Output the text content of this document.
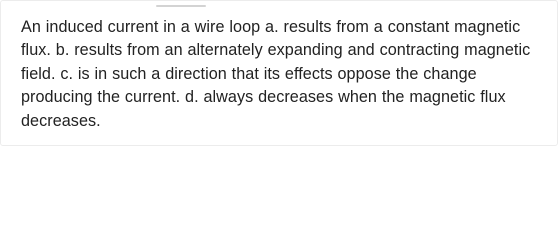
An induced current in a wire loop a. results from a constant magnetic flux. b. results from an alternately expanding and contracting magnetic field. c. is in such a direction that its effects oppose the change producing the current. d. always decreases when the magnetic flux decreases.
